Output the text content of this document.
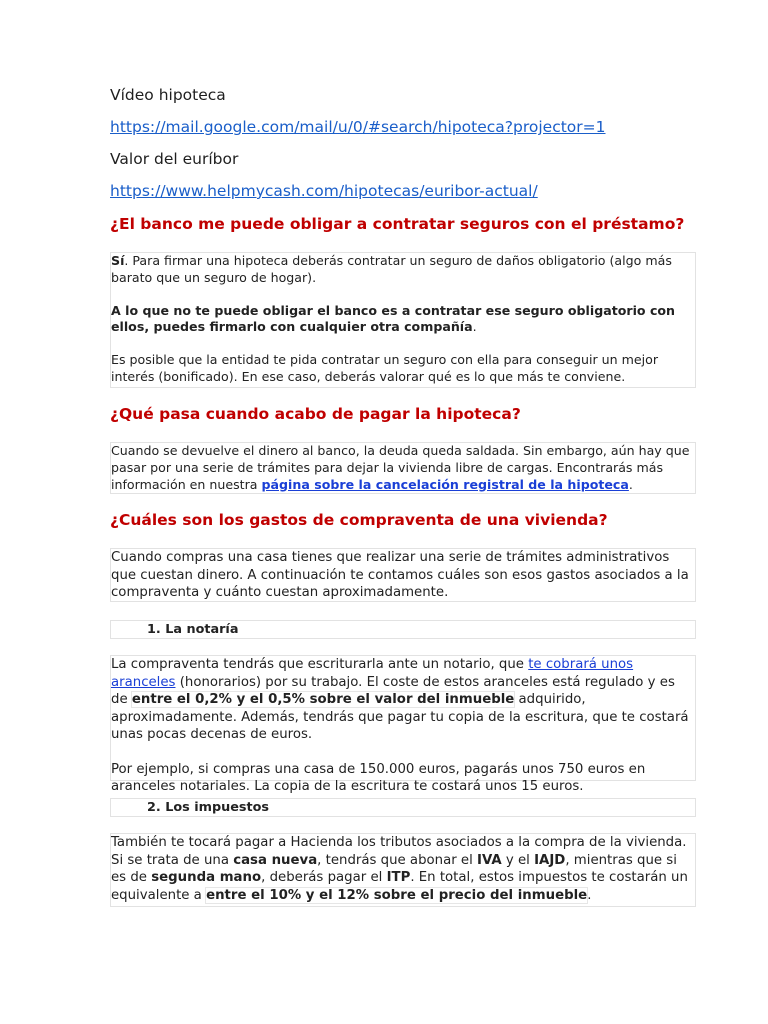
Vídeo hipoteca
https://mail.google.com/mail/u/0/#search/hipoteca?projector=1
Valor del euríbor
https://www.helpmycash.com/hipotecas/euribor-actual/
¿El banco me puede obligar a contratar seguros con el préstamo?

Sí. Para firmar una hipoteca deberás contratar un seguro de daños obligatorio (algo más barato que un seguro de hogar).

A lo que no te puede obligar el banco es a contratar ese seguro obligatorio con ellos, puedes firmarlo con cualquier otra compañía.

Es posible que la entidad te pida contratar un seguro con ella para conseguir un mejor interés (bonificado). En ese caso, deberás valorar qué es lo que más te conviene.

¿Qué pasa cuando acabo de pagar la hipoteca?

Cuando se devuelve el dinero al banco, la deuda queda saldada. Sin embargo, aún hay que pasar por una serie de trámites para dejar la vivienda libre de cargas. Encontrarás más información en nuestra página sobre la cancelación registral de la hipoteca.

¿Cuáles son los gastos de compraventa de una vivienda?

Cuando compras una casa tienes que realizar una serie de trámites administrativos que cuestan dinero. A continuación te contamos cuáles son esos gastos asociados a la compraventa y cuánto cuestan aproximadamente.

1. La notaría

La compraventa tendrás que escriturarla ante un notario, que te cobrará unos aranceles (honorarios) por su trabajo. El coste de estos aranceles está regulado y es de entre el 0,2% y el 0,5% sobre el valor del inmueble adquirido, aproximadamente. Además, tendrás que pagar tu copia de la escritura, que te costará unas pocas decenas de euros.

Por ejemplo, si compras una casa de 150.000 euros, pagarás unos 750 euros en aranceles notariales. La copia de la escritura te costará unos 15 euros.

2. Los impuestos

También te tocará pagar a Hacienda los tributos asociados a la compra de la vivienda. Si se trata de una casa nueva, tendrás que abonar el IVA y el IAJD, mientras que si es de segunda mano, deberás pagar el ITP. En total, estos impuestos te costarán un equivalente a entre el 10% y el 12% sobre el precio del inmueble.
